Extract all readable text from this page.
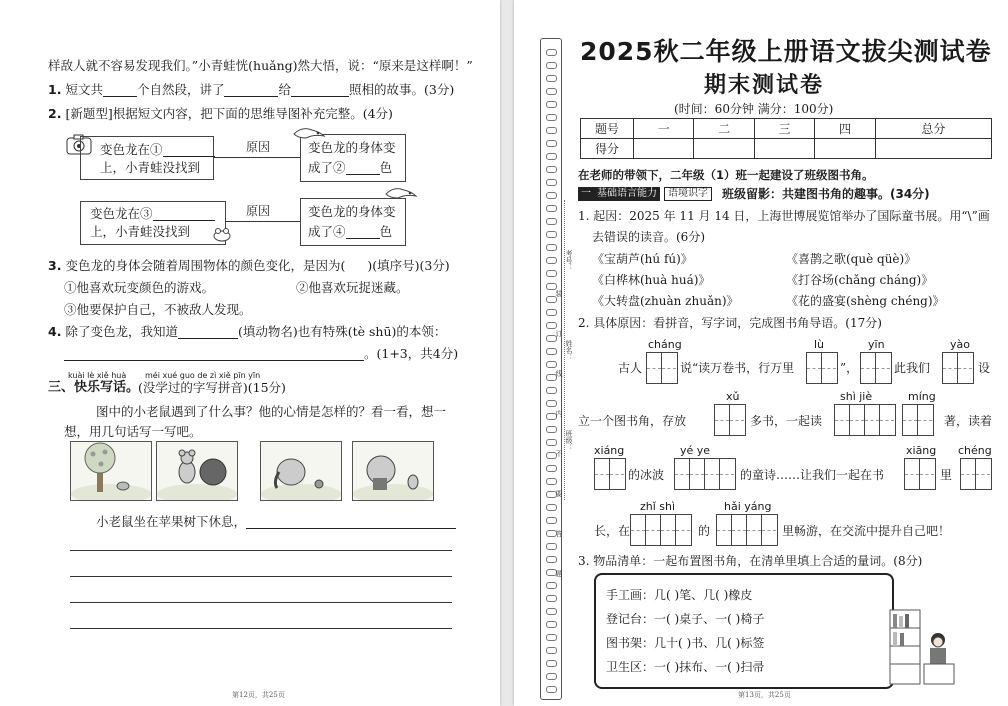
样敌人就不容易发现我们。”小青蛙恍(huǎng)然大悟，说：“原来是这样啊！”
1. 短文共	个自然段，讲了	给	照相的故事。(3分)
2. [新题型]根据短文内容，把下面的思维导图补充完整。(4分)
变色龙在①
上，小青蛙没找到
原因	变色龙的身体变
成了②	色
变色龙在③
上，小青蛙没找到
原因	变色龙的身体变
成了④	色
3. 变色龙的身体会随着周围物体的颜色变化，是因为( )(填序号)(3分)
①他喜欢玩变颜色的游戏。	②他喜欢玩捉迷藏。
③他要保护自己，不被敌人发现。
4. 除了变色龙，我知道	(填动物名)也有特殊(tè shū)的本领：
。(1+3，共4分)
kuài lè xiě huà méi xué guo de zì xiě pīn yīn
三、快乐写话。
(没学过的字写拼音)(15分)
图中的小老鼠遇到了什么事？他的心情是怎样的？看一看，想一
想，用几句话写一写吧。
小老鼠坐在苹果树下休息，
第12页，共25页
考号：
姓名：
班级：
装
订
线
内
不
要
答
题
2025秋二年级上册语文拔尖测试卷
期末测试卷
(时间：60分钟 满分：100分)
题号	一	二	三	四	总分
得分					
在老师的带领下，二年级（1）班一起建设了班级图书角。
一 基础语言能力	语境识字	班级留影：共建图书角的趣事。(34分)
1. 起因：2025 年 11 月 14 日，上海世博展览馆举办了国际童书展。用“\”画
去错误的读音。(6分)
《宝葫芦(hú fú)》	《喜鹊之歌(què qüè)》
《白桦林(huà huá)》	《打谷场(chǎng cháng)》
《大转盘(zhuàn zhuǎn)》	《花的盛宴(shèng chéng)》
2. 具体原因：看拼音，写字词，完成图书角导语。(17分)
cháng	lù	yīn	yào
古人	说“读万卷书，行万里	”，	此我们	设
xǔ	shì jiè	míng
立一个图书角，存放	多书，一起读	著，读着
xiáng	yé ye	xiāng chéng
的冰波	的童诗……让我们一起在书	里
zhǐ shì	hǎi yáng
长，在	的	里畅游，在交流中提升自己吧！
3. 物品清单：一起布置图书角，在清单里填上合适的量词。(8分)
手工画：几( )笔、几( )橡皮
登记台：一( )桌子、一( )椅子
图书架：几十( )书、几( )标签
卫生区：一( )抹布、一( )扫帚
第13页，共25页
